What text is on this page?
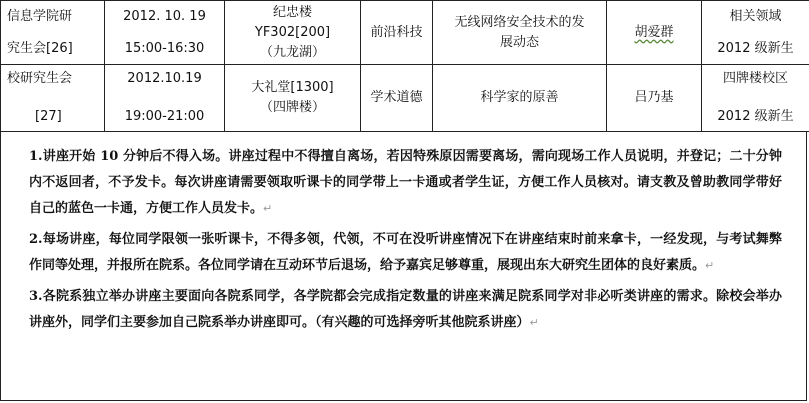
信息学院研
究生会[26]	2012. 10. 19
15:00-16:30	纪忠楼
YF302[200]
（九龙湖）	前沿科技	无线网络安全技术的发
展动态	胡爱群	相关领域
2012 级新生

校研究生会
[27]	2012.10.19
19:00-21:00	大礼堂[1300]
（四牌楼）	学术道德	科学家的原善	吕乃基	四牌楼校区
2012 级新生

1.讲座开始 10 分钟后不得入场。讲座过程中不得擅自离场，若因特殊原因需要离场，需向现场工作人员说明，并登记；二十分钟内不返回者，不予发卡。每次讲座请需要领取听课卡的同学带上一卡通或者学生证，方便工作人员核对。请支教及曾助教同学带好自己的蓝色一卡通，方便工作人员发卡。↵

2.每场讲座，每位同学限领一张听课卡，不得多领，代领，不可在没听讲座情况下在讲座结束时前来拿卡，一经发现，与考试舞弊作同等处理，并报所在院系。各位同学请在互动环节后退场，给予嘉宾足够尊重，展现出东大研究生团体的良好素质。↵

3.各院系独立举办讲座主要面向各院系同学，各学院都会完成指定数量的讲座来满足院系同学对非必听类讲座的需求。除校会举办讲座外，同学们主要参加自己院系举办讲座即可。（有兴趣的可选择旁听其他院系讲座）↵
